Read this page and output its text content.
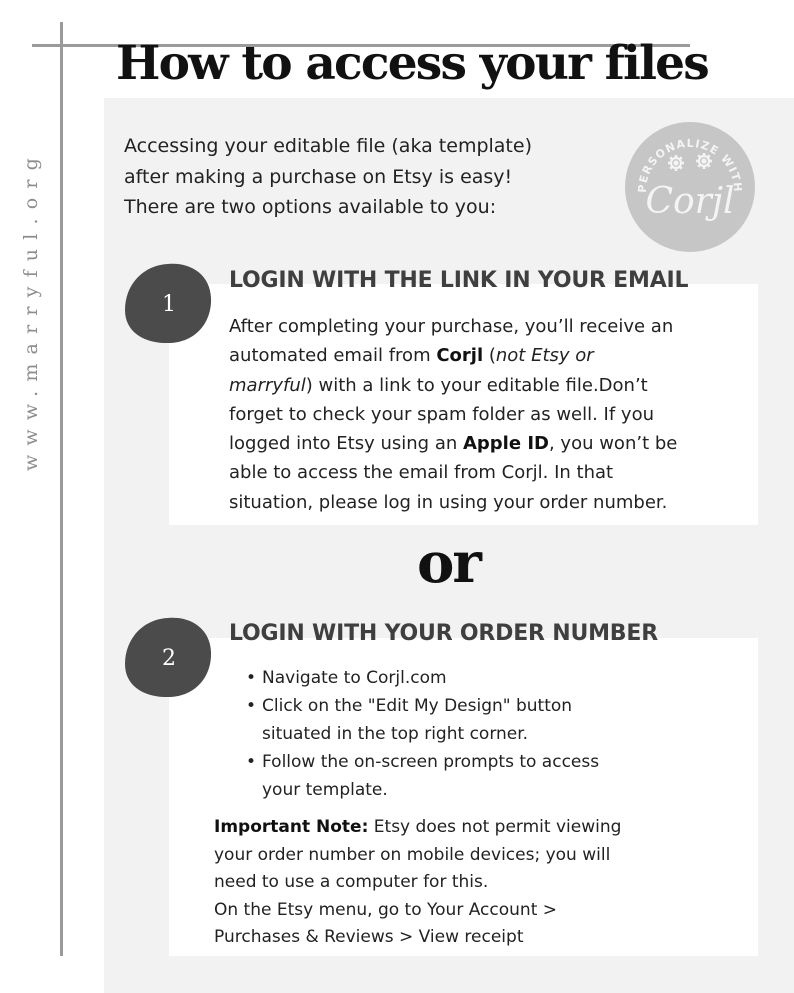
www.marryful.org
How to access your files
Accessing your editable file (aka template)
after making a purchase on Etsy is easy!
There are two options available to you:
PERSONALIZE WITH
Corjl
1
LOGIN WITH THE LINK IN YOUR EMAIL
After completing your purchase, you’ll receive an
automated email from Corjl (not Etsy or
marryful) with a link to your editable file.Don’t
forget to check your spam folder as well. If you
logged into Etsy using an Apple ID, you won’t be
able to access the email from Corjl. In that
situation, please log in using your order number.
or
2
LOGIN WITH YOUR ORDER NUMBER
• Navigate to Corjl.com
• Click on the "Edit My Design" button
situated in the top right corner.
• Follow the on-screen prompts to access
your template.
Important Note: Etsy does not permit viewing
your order number on mobile devices; you will
need to use a computer for this.
On the Etsy menu, go to Your Account >
Purchases & Reviews > View receipt
